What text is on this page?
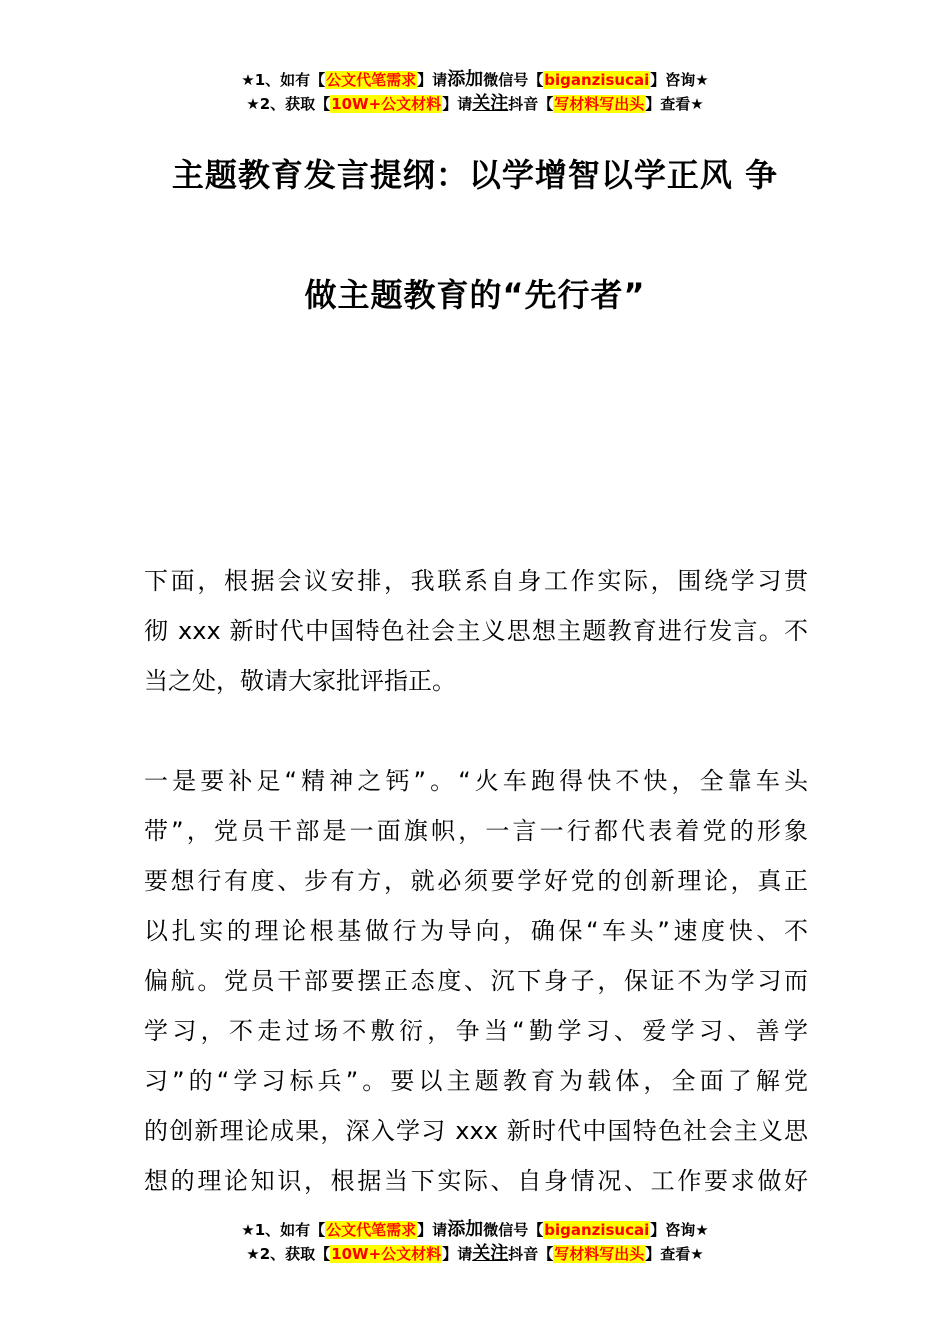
★1、如有【公文代笔需求】请添加微信号【biganzisucai】咨询★
★2、获取【10W+公文材料】请关注抖音【写材料写出头】查看★
主题教育发言提纲：以学增智以学正风 争
做主题教育的“先行者”
下面，根据会议安排，我联系自身工作实际，围绕学习贯
彻 xxx 新时代中国特色社会主义思想主题教育进行发言。不
当之处，敬请大家批评指正。
一是要补足“精神之钙”。“火车跑得快不快，全靠车头
带”，党员干部是一面旗帜，一言一行都代表着党的形象
要想行有度、步有方，就必须要学好党的创新理论，真正
以扎实的理论根基做行为导向，确保“车头”速度快、不
偏航。党员干部要摆正态度、沉下身子，保证不为学习而
学习，不走过场不敷衍，争当“勤学习、爱学习、善学
习”的“学习标兵”。要以主题教育为载体，全面了解党
的创新理论成果，深入学习 xxx 新时代中国特色社会主义思
想的理论知识，根据当下实际、自身情况、工作要求做好
★1、如有【公文代笔需求】请添加微信号【biganzisucai】咨询★
★2、获取【10W+公文材料】请关注抖音【写材料写出头】查看★
